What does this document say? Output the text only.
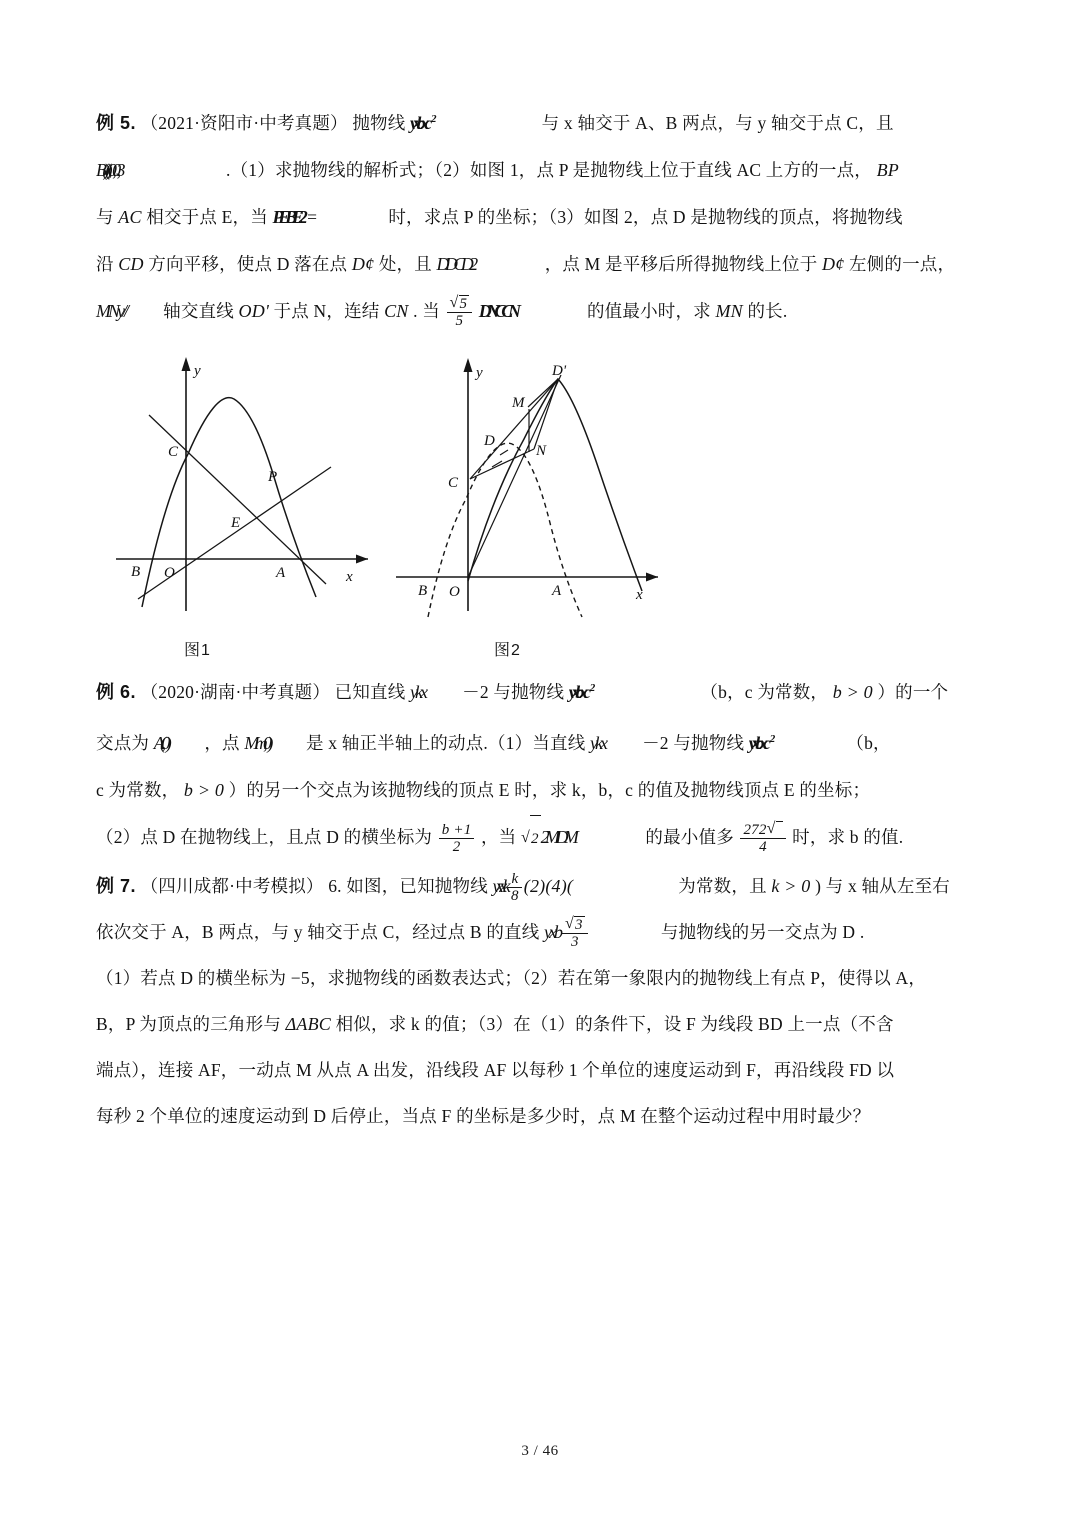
例 5. （2021·资阳市·中考真题） 抛物线 yxbxc 2	与 x 轴交于 A、B 两点，与 y 轴交于点 C，且
B()(),0,0,3	.（1）求抛物线的解析式；（2）如图 1，点 P 是抛物线上位于直线 AC 上方的一点， BP
与 AC 相交于点 E，当 PEBE2 =	时，求点 P 的坐标；（3）如图 2，点 D 是抛物线的顶点，将抛物线
沿 CD 方向平移，使点 D 落在点 D¢ 处，且 DDCD2	，点 M 是平移后所得抛物线上位于 D¢ 左侧的一点，
MNy// 轴交直线 OD' 于点 N，连结 CN . 当 √ $\frac{5}{5}$ DNCCN	的值最小时，求 MN 的长.
C
P
E
B O	A	x
y	D'
M
D
N
C
B O	A	x
y
图1	图2
例 6. （2020·湖南·中考真题） 已知直线 ykx －2 与抛物线 yxbxc 2	（b，c 为常数， b > 0 ）的一个
交点为 A(,0) ，点 Mm,0) 是 x 轴正半轴上的动点.（1）当直线 ykx －2 与抛物线 yxbxc 2	（b，
c 为常数， b > 0 ）的另一个交点为该抛物线的顶点 E 时，求 k，b，c 的值及抛物线顶点 E 的坐标；
（2）点 D 在抛物线上，且点 D 的横坐标为 $\frac{b +1}{2}$ ，当 √ 2 2MDM	的最小值多 $\frac{272√}{4}$ 时，求 b 的值.
例 7. （四川成都·中考模拟） 6. 如图，已知抛物线 yxxk $\frac{k}{8} (2)(4)$(	为常数，且 k > 0 ) 与 x 轴从左至右
依次交于 A，B 两点，与 y 轴交于点 C，经过点 B 的直线 yxb √ $\frac{3}{3}$	与抛物线的另一交点为 D .
（1）若点 D 的横坐标为 −5，求抛物线的函数表达式；（2）若在第一象限内的抛物线上有点 P，使得以 A，
B，P 为顶点的三角形与 ΔABC 相似，求 k 的值；（3）在（1）的条件下，设 F 为线段 BD 上一点（不含
端点），连接 AF，一动点 M 从点 A 出发，沿线段 AF 以每秒 1 个单位的速度运动到 F，再沿线段 FD 以
每秒 2 个单位的速度运动到 D 后停止，当点 F 的坐标是多少时，点 M 在整个运动过程中用时最少？
3 / 46
